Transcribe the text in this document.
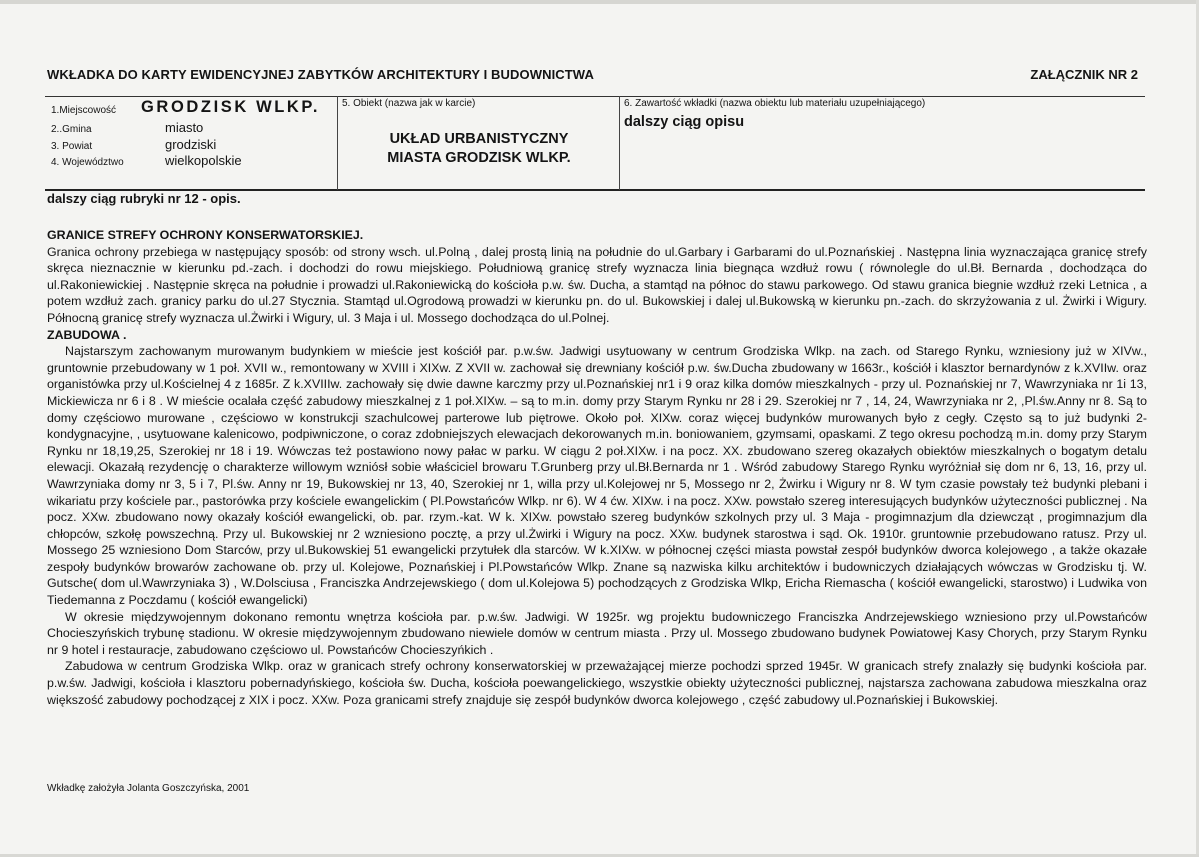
WKŁADKA DO KARTY EWIDENCYJNEJ ZABYTKÓW ARCHITEKTURY I BUDOWNICTWA	ZAŁĄCZNIK NR 2
1.Miejscowość GRODZISK WLKP.
2..Gmina	miasto
3. Powiat	grodziski
4. Województwo	wielkopolskie
5. Obiekt (nazwa jak w karcie)
UKŁAD URBANISTYCZNY
MIASTA GRODZISK WLKP.
6. Zawartość wkładki (nazwa obiektu lub materiału uzupełniającego)
dalszy ciąg opisu
dalszy ciąg rubryki nr 12 - opis.

GRANICE STREFY OCHRONY KONSERWATORSKIEJ.

Granica ochrony przebiega w następujący sposób: od strony wsch. ul.Polną , dalej prostą linią na południe do ul.Garbary i Garbarami do ul.Poznańskiej . Następna linia wyznaczająca granicę strefy skręca nieznacznie w kierunku pd.-zach. i dochodzi do rowu miejskiego. Południową granicę strefy wyznacza linia biegnąca wzdłuż rowu ( równolegle do ul.Bł. Bernarda , dochodząca do ul.Rakoniewickiej . Następnie skręca na południe i prowadzi ul.Rakoniewicką do kościoła p.w. św. Ducha, a stamtąd na północ do stawu parkowego. Od stawu granica biegnie wzdłuż rzeki Letnica , a potem wzdłuż zach. granicy parku do ul.27 Stycznia. Stamtąd ul.Ogrodową prowadzi w kierunku pn. do ul. Bukowskiej i dalej ul.Bukowską w kierunku pn.-zach. do skrzyżowania z ul. Żwirki i Wigury. Północną granicę strefy wyznacza ul.Żwirki i Wigury, ul. 3 Maja i ul. Mossego dochodząca do ul.Polnej.

ZABUDOWA .

Najstarszym zachowanym murowanym budynkiem w mieście jest kościół par. p.w.św. Jadwigi usytuowany w centrum Grodziska Wlkp. na zach. od Starego Rynku, wzniesiony już w XIVw., gruntownie przebudowany w 1 poł. XVII w., remontowany w XVIII i XIXw. Z XVII w. zachował się drewniany kościół p.w. św.Ducha zbudowany w 1663r., kościół i klasztor bernardynów z k.XVIIw. oraz organistówka przy ul.Kościelnej 4 z 1685r. Z k.XVIIIw. zachowały się dwie dawne karczmy przy ul.Poznańskiej nr1 i 9 oraz kilka domów mieszkalnych - przy ul. Poznańskiej nr 7, Wawrzyniaka nr 1i 13, Mickiewicza nr 6 i 8 . W mieście ocalała część zabudowy mieszkalnej z 1 poł.XIXw. – są to m.in. domy przy Starym Rynku nr 28 i 29. Szerokiej nr 7 , 14, 24, Wawrzyniaka nr 2, ,Pl.św.Anny nr 8. Są to domy częściowo murowane , częściowo w konstrukcji szachulcowej parterowe lub piętrowe. Około poł. XIXw. coraz więcej budynków murowanych było z cegły. Często są to już budynki 2-kondygnacyjne, , usytuowane kalenicowo, podpiwniczone, o coraz zdobniejszych elewacjach dekorowanych m.in. boniowaniem, gzymsami, opaskami. Z tego okresu pochodzą m.in. domy przy Starym Rynku nr 18,19,25, Szerokiej nr 18 i 19. Wówczas też postawiono nowy pałac w parku. W ciągu 2 poł.XIXw. i na pocz. XX. zbudowano szereg okazałych obiektów mieszkalnych o bogatym detalu elewacji. Okazałą rezydencję o charakterze willowym wzniósł sobie właściciel browaru T.Grunberg przy ul.Bł.Bernarda nr 1 . Wśród zabudowy Starego Rynku wyróżniał się dom nr 6, 13, 16, przy ul. Wawrzyniaka domy nr 3, 5 i 7, Pl.św. Anny nr 19, Bukowskiej nr 13, 40, Szerokiej nr 1, willa przy ul.Kolejowej nr 5, Mossego nr 2, Żwirku i Wigury nr 8. W tym czasie powstały też budynki plebani i wikariatu przy kościele par., pastorówka przy kościele ewangelickim ( Pl.Powstańców Wlkp. nr 6). W 4 ćw. XIXw. i na pocz. XXw. powstało szereg interesujących budynków użyteczności publicznej . Na pocz. XXw. zbudowano nowy okazały kościół ewangelicki, ob. par. rzym.-kat. W k. XIXw. powstało szereg budynków szkolnych przy ul. 3 Maja - progimnazjum dla dziewcząt , progimnazjum dla chłopców, szkołę powszechną. Przy ul. Bukowskiej nr 2 wzniesiono pocztę, a przy ul.Żwirki i Wigury na pocz. XXw. budynek starostwa i sąd. Ok. 1910r. gruntownie przebudowano ratusz. Przy ul. Mossego 25 wzniesiono Dom Starców, przy ul.Bukowskiej 51 ewangelicki przytułek dla starców. W k.XIXw. w północnej części miasta powstał zespół budynków dworca kolejowego , a także okazałe zespoły budynków browarów zachowane ob. przy ul. Kolejowe, Poznańskiej i Pl.Powstańców Wlkp. Znane są nazwiska kilku architektów i budowniczych działających wówczas w Grodzisku tj. W. Gutsche( dom ul.Wawrzyniaka 3) , W.Dolsciusa , Franciszka Andrzejewskiego ( dom ul.Kolejowa 5) pochodzących z Grodziska Wlkp, Ericha Riemascha ( kościół ewangelicki, starostwo) i Ludwika von Tiedemanna z Poczdamu ( kościół ewangelicki)

W okresie międzywojennym dokonano remontu wnętrza kościoła par. p.w.św. Jadwigi. W 1925r. wg projektu budowniczego Franciszka Andrzejewskiego wzniesiono przy ul.Powstańców Chocieszyńskich trybunę stadionu. W okresie międzywojennym zbudowano niewiele domów w centrum miasta . Przy ul. Mossego zbudowano budynek Powiatowej Kasy Chorych, przy Starym Rynku nr 9 hotel i restauracje, zabudowano częściowo ul. Powstańców Chocieszyńkich .

Zabudowa w centrum Grodziska Wlkp. oraz w granicach strefy ochrony konserwatorskiej w przeważającej mierze pochodzi sprzed 1945r. W granicach strefy znalazły się budynki kościoła par. p.w.św. Jadwigi, kościoła i klasztoru pobernadyńskiego, kościoła św. Ducha, kościoła poewangelickiego, wszystkie obiekty użyteczności publicznej, najstarsza zachowana zabudowa mieszkalna oraz większość zabudowy pochodzącej z XIX i pocz. XXw. Poza granicami strefy znajduje się zespół budynków dworca kolejowego , część zabudowy ul.Poznańskiej i Bukowskiej.

Wkładkę założyła Jolanta Goszczyńska, 2001
